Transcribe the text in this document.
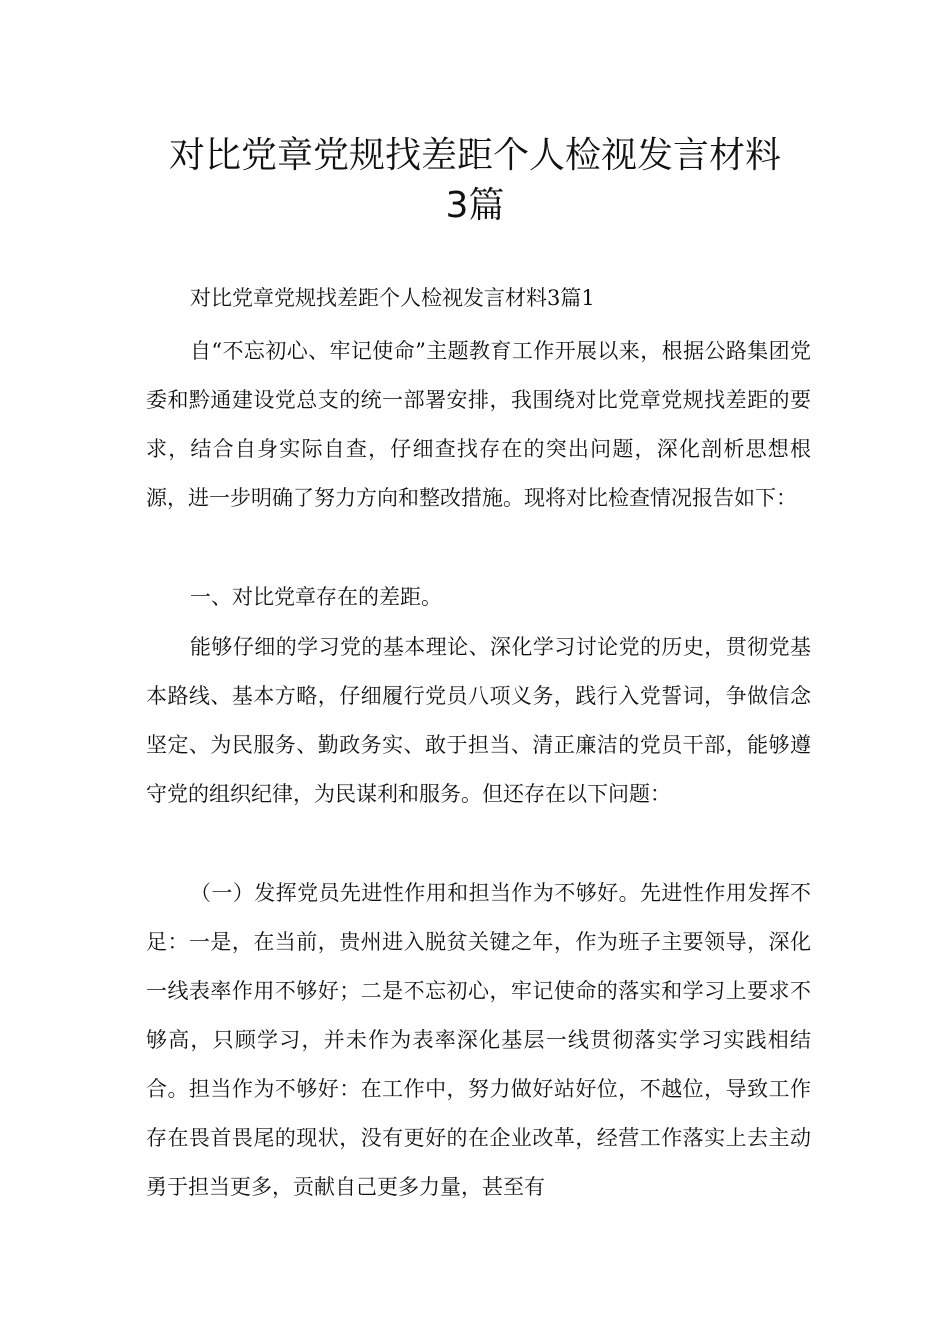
对比党章党规找差距个人检视发言材料
3篇

对比党章党规找差距个人检视发言材料3篇1

自“不忘初心、牢记使命”主题教育工作开展以来，根据公路集团党委和黔通建设党总支的统一部署安排，我围绕对比党章党规找差距的要求，结合自身实际自查，仔细查找存在的突出问题，深化剖析思想根源，进一步明确了努力方向和整改措施。现将对比检查情况报告如下：

一、对比党章存在的差距。

能够仔细的学习党的基本理论、深化学习讨论党的历史，贯彻党基本路线、基本方略，仔细履行党员八项义务，践行入党誓词，争做信念坚定、为民服务、勤政务实、敢于担当、清正廉洁的党员干部，能够遵守党的组织纪律，为民谋利和服务。但还存在以下问题：

（一）发挥党员先进性作用和担当作为不够好。先进性作用发挥不足：一是，在当前，贵州进入脱贫关键之年，作为班子主要领导，深化一线表率作用不够好；二是不忘初心，牢记使命的落实和学习上要求不够高，只顾学习，并未作为表率深化基层一线贯彻落实学习实践相结合。担当作为不够好：在工作中，努力做好站好位，不越位，导致工作存在畏首畏尾的现状，没有更好的在企业改革，经营工作落实上去主动勇于担当更多，贡献自己更多力量，甚至有
